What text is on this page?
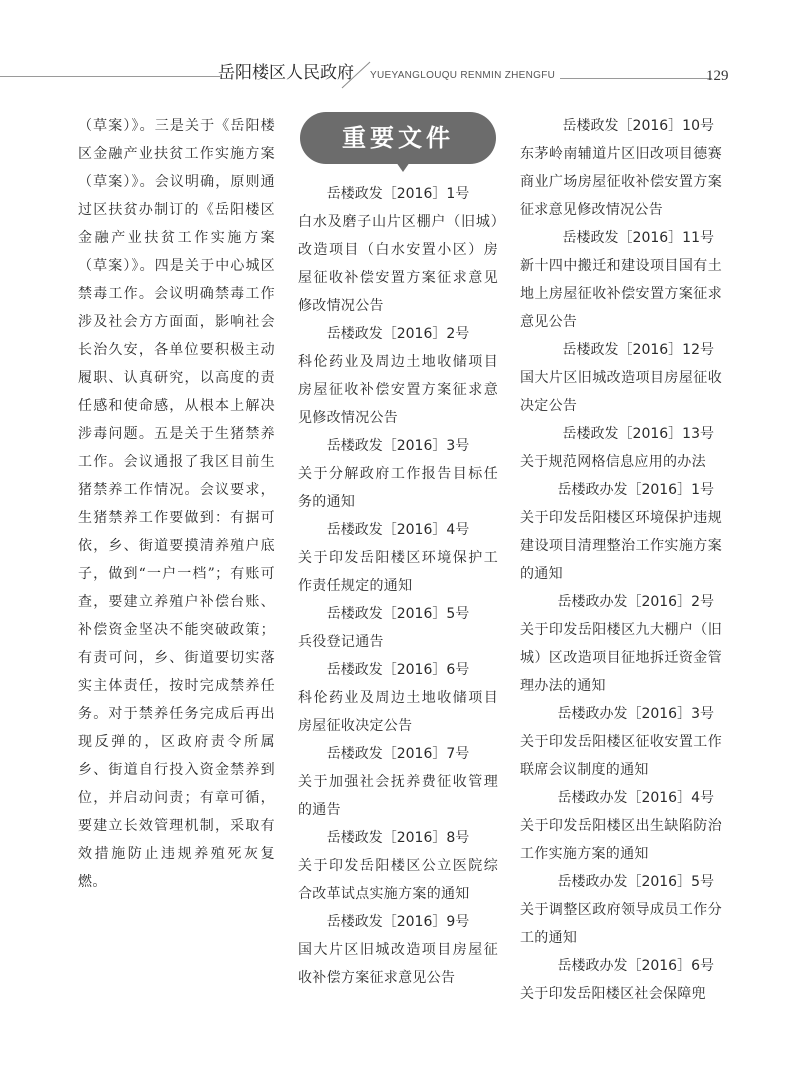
岳阳楼区人民政府 YUEYANGLOUQU RENMIN ZHENGFU	129

（草案）》。三是关于《岳阳楼区金融产业扶贫工作实施方案（草案）》。会议明确，原则通过区扶贫办制订的《岳阳楼区金融产业扶贫工作实施方案（草案）》。四是关于中心城区禁毒工作。会议明确禁毒工作涉及社会方方面面，影响社会长治久安，各单位要积极主动履职、认真研究，以高度的责任感和使命感，从根本上解决涉毒问题。五是关于生猪禁养工作。会议通报了我区目前生猪禁养工作情况。会议要求，生猪禁养工作要做到：有据可依，乡、街道要摸清养殖户底子，做到“一户一档”；有账可查，要建立养殖户补偿台账、补偿资金坚决不能突破政策；有责可问，乡、街道要切实落实主体责任，按时完成禁养任务。对于禁养任务完成后再出现反弹的，区政府责令所属乡、街道自行投入资金禁养到位，并启动问责；有章可循，要建立长效管理机制，采取有效措施防止违规养殖死灰复燃。

重要文件

岳楼政发［2016］1号

白水及磨子山片区棚户（旧城）改造项目（白水安置小区）房屋征收补偿安置方案征求意见修改情况公告

岳楼政发［2016］2号

科伦药业及周边土地收储项目房屋征收补偿安置方案征求意见修改情况公告

岳楼政发［2016］3号

关于分解政府工作报告目标任务的通知

岳楼政发［2016］4号

关于印发岳阳楼区环境保护工作责任规定的通知

岳楼政发［2016］5号

兵役登记通告

岳楼政发［2016］6号

科伦药业及周边土地收储项目房屋征收决定公告

岳楼政发［2016］7号

关于加强社会抚养费征收管理的通告

岳楼政发［2016］8号

关于印发岳阳楼区公立医院综合改革试点实施方案的通知

岳楼政发［2016］9号

国大片区旧城改造项目房屋征收补偿方案征求意见公告

岳楼政发［2016］10号

东茅岭南辅道片区旧改项目德赛商业广场房屋征收补偿安置方案征求意见修改情况公告

岳楼政发［2016］11号

新十四中搬迁和建设项目国有土地上房屋征收补偿安置方案征求意见公告

岳楼政发［2016］12号

国大片区旧城改造项目房屋征收决定公告

岳楼政发［2016］13号

关于规范网格信息应用的办法

岳楼政办发［2016］1号

关于印发岳阳楼区环境保护违规建设项目清理整治工作实施方案的通知

岳楼政办发［2016］2号

关于印发岳阳楼区九大棚户（旧城）区改造项目征地拆迁资金管理办法的通知

岳楼政办发［2016］3号

关于印发岳阳楼区征收安置工作联席会议制度的通知

岳楼政办发［2016］4号

关于印发岳阳楼区出生缺陷防治工作实施方案的通知

岳楼政办发［2016］5号

关于调整区政府领导成员工作分工的通知

岳楼政办发［2016］6号

关于印发岳阳楼区社会保障兜
